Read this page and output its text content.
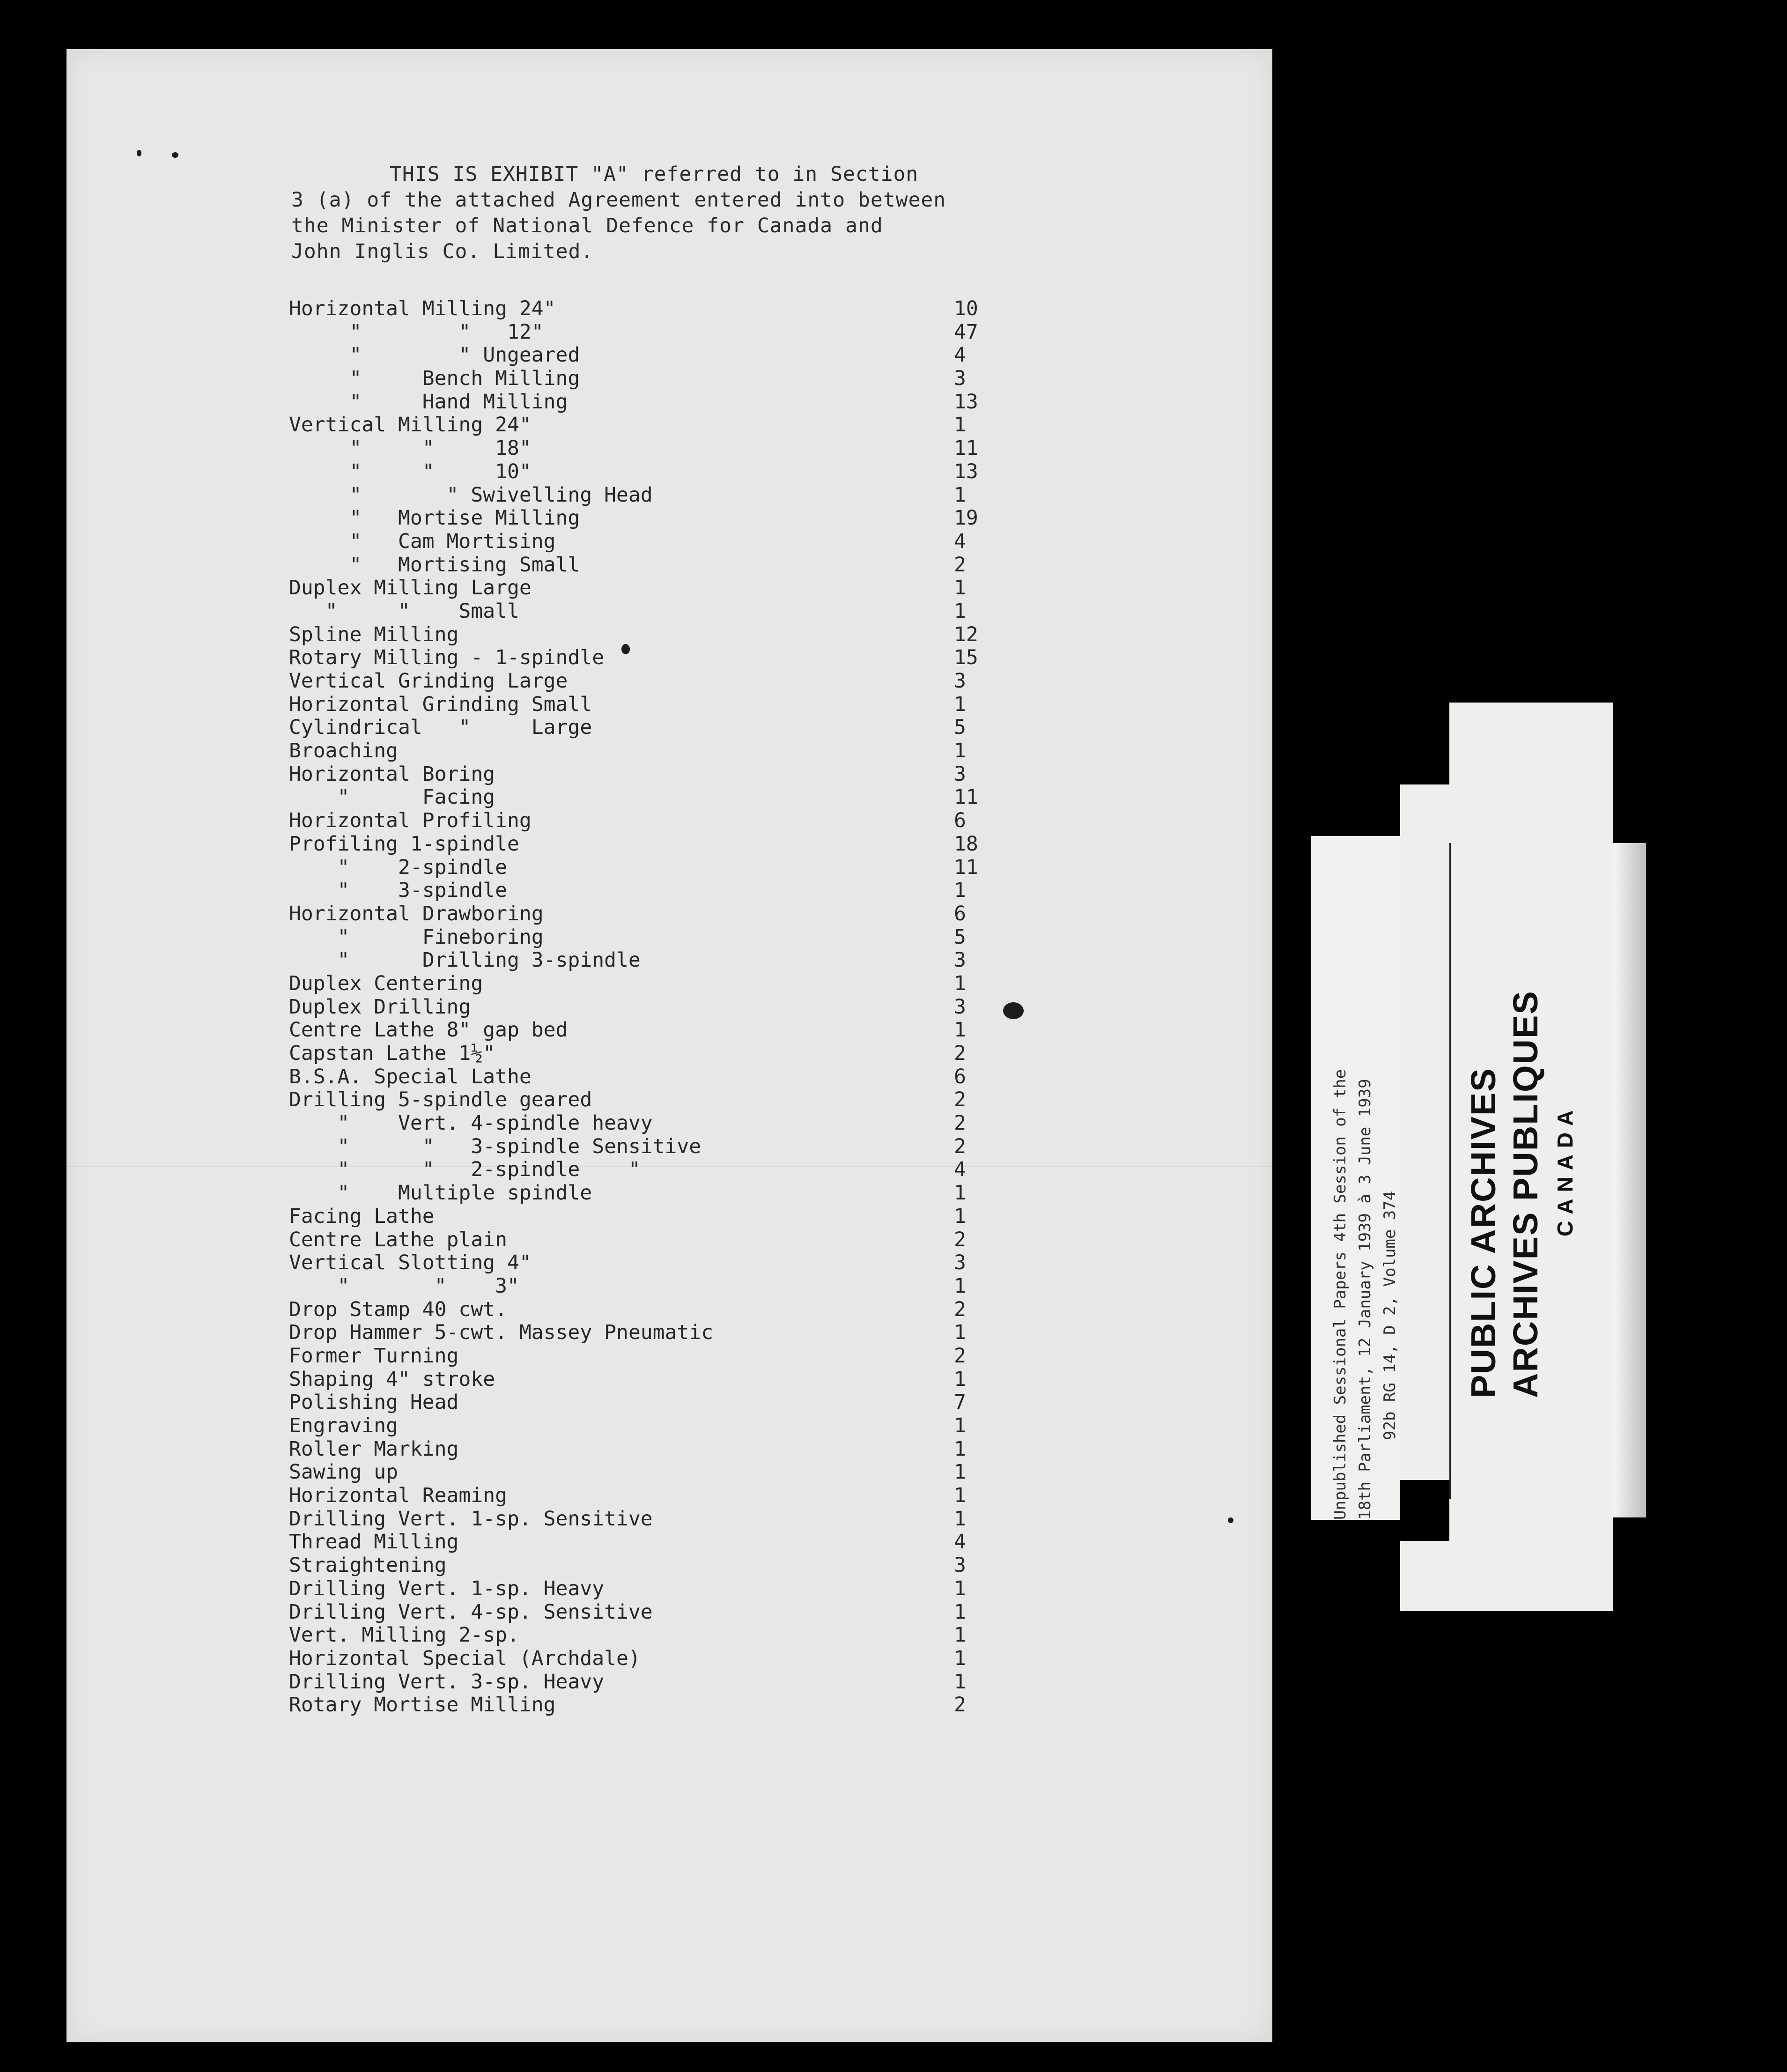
THIS IS EXHIBIT "A" referred to in Section
3 (a) of the attached Agreement entered into between
the Minister of National Defence for Canada and
John Inglis Co. Limited.
Horizontal Milling 24"	10
"        "   12"	47
"        " Ungeared	4
"     Bench Milling	3
"     Hand Milling	13
Vertical Milling 24"	1
"     "     18"	11
"     "     10"	13
"       " Swivelling Head	1
"   Mortise Milling	19
"   Cam Mortising	4
"   Mortising Small	2
Duplex Milling Large	1
"     "    Small	1
Spline Milling	12
Rotary Milling - 1-spindle	15
Vertical Grinding Large	3
Horizontal Grinding Small	1
Cylindrical   "     Large	5
Broaching	1
Horizontal Boring	3
"      Facing	11
Horizontal Profiling	6
Profiling 1-spindle	18
"    2-spindle	11
"    3-spindle	1
Horizontal Drawboring	6
"      Fineboring	5
"      Drilling 3-spindle	3
Duplex Centering	1
Duplex Drilling	3
Centre Lathe 8" gap bed	1
Capstan Lathe 1½"	2
B.S.A. Special Lathe	6
Drilling 5-spindle geared	2
"    Vert. 4-spindle heavy	2
"      "   3-spindle Sensitive	2
"      "   2-spindle    "	4
"    Multiple spindle	1
Facing Lathe	1
Centre Lathe plain	2
Vertical Slotting 4"	3
"       "    3"	1
Drop Stamp 40 cwt.	2
Drop Hammer 5-cwt. Massey Pneumatic	1
Former Turning	2
Shaping 4" stroke	1
Polishing Head	7
Engraving	1
Roller Marking	1
Sawing up	1
Horizontal Reaming	1
Drilling Vert. 1-sp. Sensitive	1
Thread Milling	4
Straightening	3
Drilling Vert. 1-sp. Heavy	1
Drilling Vert. 4-sp. Sensitive	1
Vert. Milling 2-sp.	1
Horizontal Special (Archdale)	1
Drilling Vert. 3-sp. Heavy	1
Rotary Mortise Milling	2
Unpublished Sessional Papers 4th Session of the 18th Parliament, 12 January 1939 à 3 June 1939 92b RG 14, D 2, Volume 374 PUBLIC ARCHIVES ARCHIVES PUBLIQUES CANADA
